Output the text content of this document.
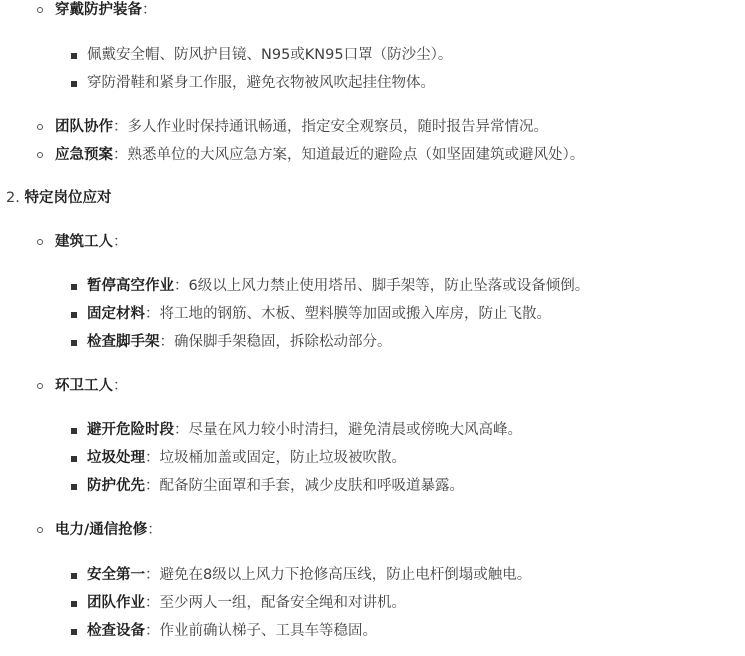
穿戴防护装备：
佩戴安全帽、防风护目镜、N95或KN95口罩（防沙尘）。
穿防滑鞋和紧身工作服，避免衣物被风吹起挂住物体。
团队协作：多人作业时保持通讯畅通，指定安全观察员，随时报告异常情况。
应急预案：熟悉单位的大风应急方案，知道最近的避险点（如坚固建筑或避风处）。
2. 特定岗位应对
建筑工人：
暂停高空作业：6级以上风力禁止使用塔吊、脚手架等，防止坠落或设备倾倒。
固定材料：将工地的钢筋、木板、塑料膜等加固或搬入库房，防止飞散。
检查脚手架：确保脚手架稳固，拆除松动部分。
环卫工人：
避开危险时段：尽量在风力较小时清扫，避免清晨或傍晚大风高峰。
垃圾处理：垃圾桶加盖或固定，防止垃圾被吹散。
防护优先：配备防尘面罩和手套，减少皮肤和呼吸道暴露。
电力/通信抢修：
安全第一：避免在8级以上风力下抢修高压线，防止电杆倒塌或触电。
团队作业：至少两人一组，配备安全绳和对讲机。
检查设备：作业前确认梯子、工具车等稳固。
